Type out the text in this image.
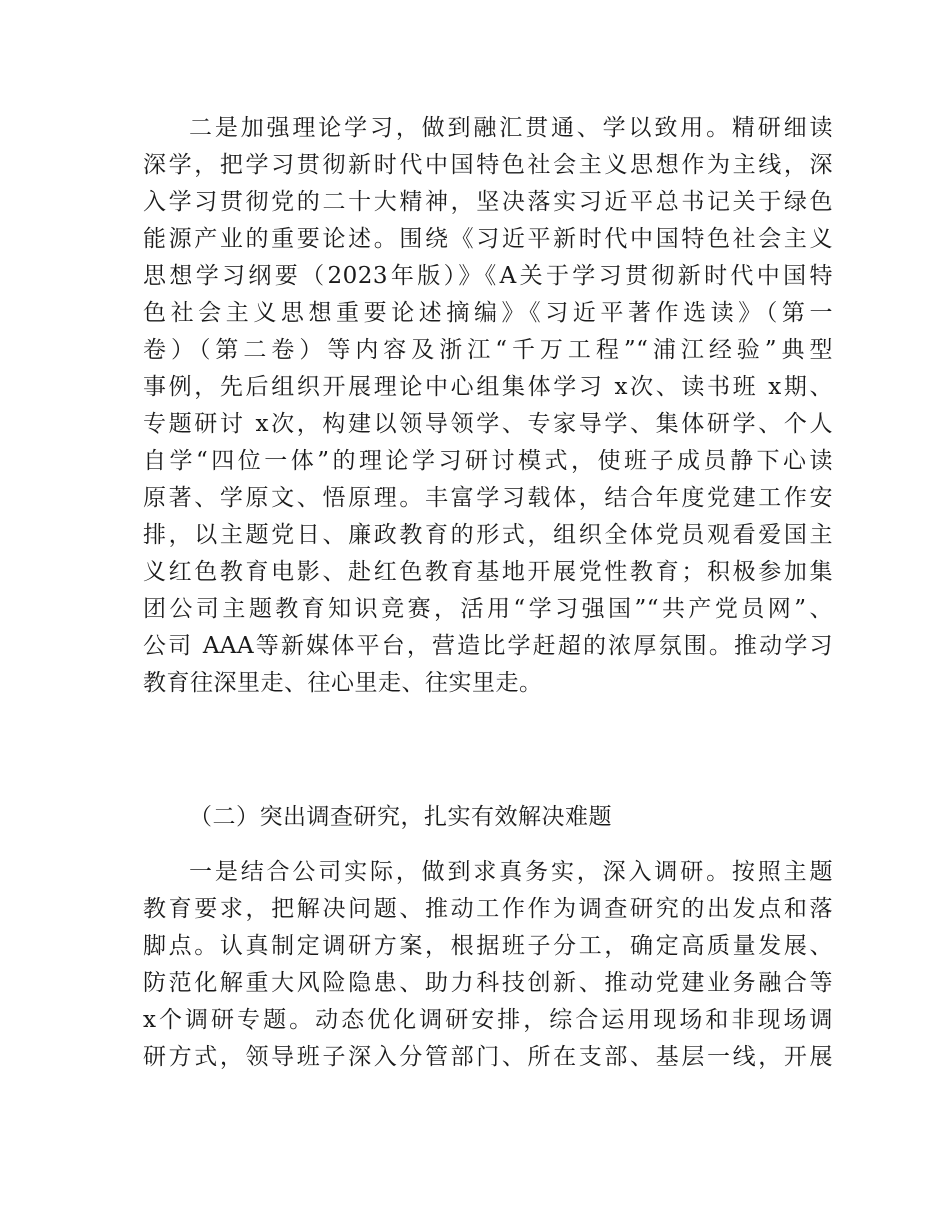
二是加强理论学习，做到融汇贯通、学以致用。精研细读
深学，把学习贯彻新时代中国特色社会主义思想作为主线，深
入学习贯彻党的二十大精神，坚决落实习近平总书记关于绿色
能源产业的重要论述。围绕《习近平新时代中国特色社会主义
思想学习纲要（2023年版）》《A关于学习贯彻新时代中国特
色社会主义思想重要论述摘编》《习近平著作选读》（第一
卷）（第二卷）等内容及浙江“千万工程”“浦江经验”典型
事例，先后组织开展理论中心组集体学习 x次、读书班 x期、
专题研讨 x次，构建以领导领学、专家导学、集体研学、个人
自学“四位一体”的理论学习研讨模式，使班子成员静下心读
原著、学原文、悟原理。丰富学习载体，结合年度党建工作安
排，以主题党日、廉政教育的形式，组织全体党员观看爱国主
义红色教育电影、赴红色教育基地开展党性教育；积极参加集
团公司主题教育知识竞赛，活用“学习强国”“共产党员网”、
公司 AAA等新媒体平台，营造比学赶超的浓厚氛围。推动学习
教育往深里走、往心里走、往实里走。
（二）突出调查研究，扎实有效解决难题
一是结合公司实际，做到求真务实，深入调研。按照主题
教育要求，把解决问题、推动工作作为调查研究的出发点和落
脚点。认真制定调研方案，根据班子分工，确定高质量发展、
防范化解重大风险隐患、助力科技创新、推动党建业务融合等
x个调研专题。动态优化调研安排，综合运用现场和非现场调
研方式，领导班子深入分管部门、所在支部、基层一线，开展
